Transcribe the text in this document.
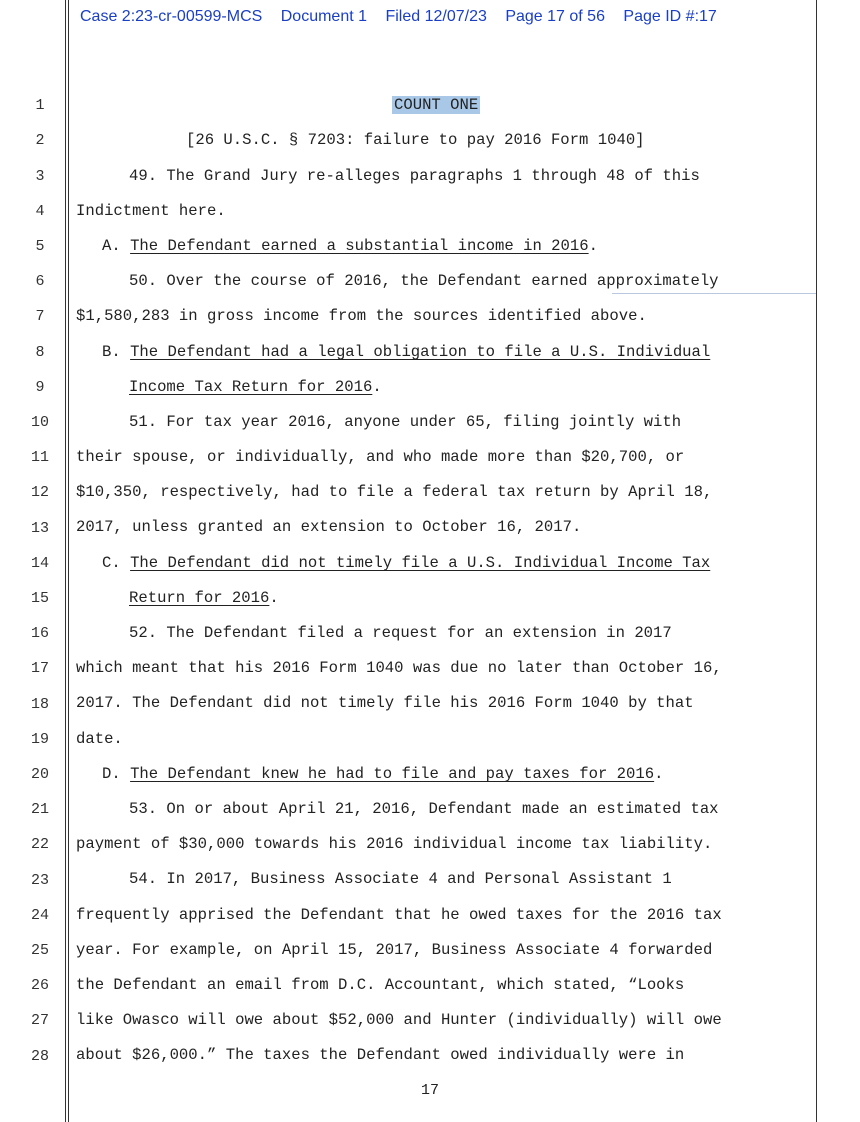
Case 2:23-cr-00599-MCS Document 1 Filed 12/07/23 Page 17 of 56 Page ID #:17
1
2
3
4
5
6
7
8
9
10
11
12
13
14
15
16
17
18
19
20
21
22
23
24
25
26
27
28
COUNT ONE
[26 U.S.C. § 7203: failure to pay 2016 Form 1040]
49. The Grand Jury re-alleges paragraphs 1 through 48 of this
Indictment here.
A. The Defendant earned a substantial income in 2016.
50. Over the course of 2016, the Defendant earned approximately
$1,580,283 in gross income from the sources identified above.
B. The Defendant had a legal obligation to file a U.S. Individual
Income Tax Return for 2016.
51. For tax year 2016, anyone under 65, filing jointly with
their spouse, or individually, and who made more than $20,700, or
$10,350, respectively, had to file a federal tax return by April 18,
2017, unless granted an extension to October 16, 2017.
C. The Defendant did not timely file a U.S. Individual Income Tax
Return for 2016.
52. The Defendant filed a request for an extension in 2017
which meant that his 2016 Form 1040 was due no later than October 16,
2017. The Defendant did not timely file his 2016 Form 1040 by that
date.
D. The Defendant knew he had to file and pay taxes for 2016.
53. On or about April 21, 2016, Defendant made an estimated tax
payment of $30,000 towards his 2016 individual income tax liability.
54. In 2017, Business Associate 4 and Personal Assistant 1
frequently apprised the Defendant that he owed taxes for the 2016 tax
year. For example, on April 15, 2017, Business Associate 4 forwarded
the Defendant an email from D.C. Accountant, which stated, “Looks
like Owasco will owe about $52,000 and Hunter (individually) will owe
about $26,000.” The taxes the Defendant owed individually were in
17
